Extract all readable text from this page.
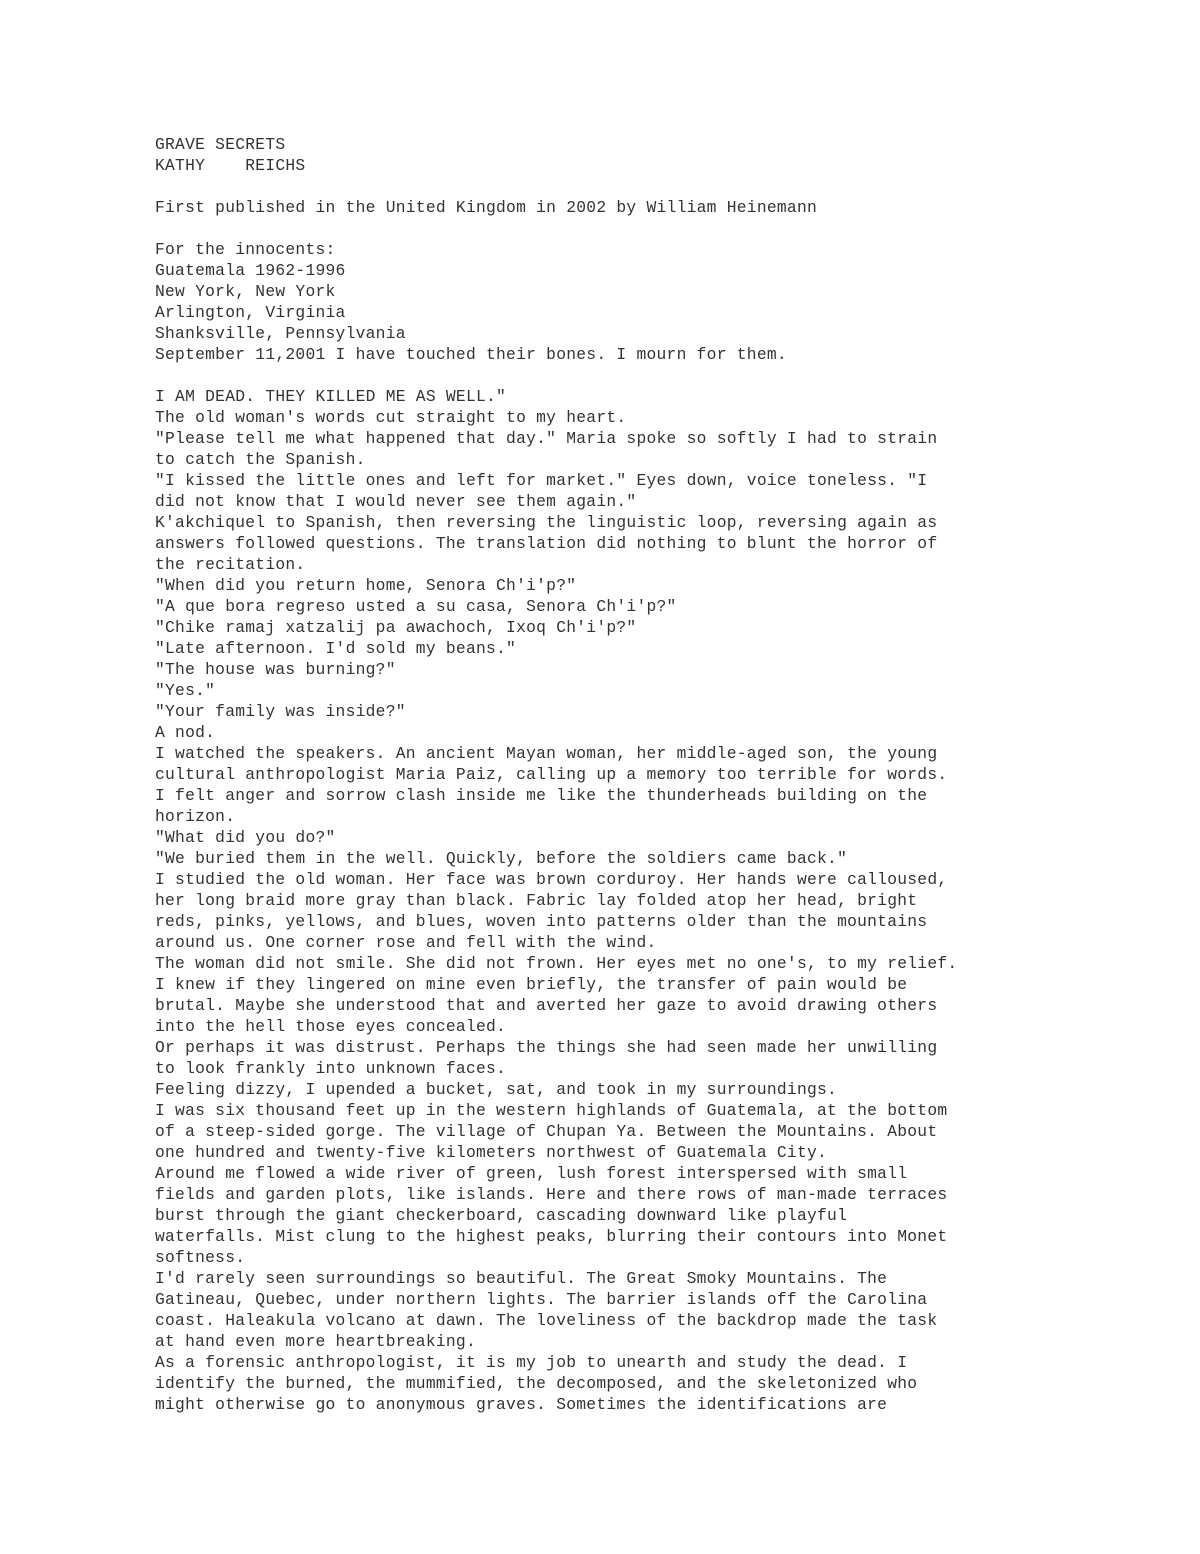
GRAVE SECRETS
KATHY    REICHS
First published in the United Kingdom in 2002 by William Heinemann
For the innocents:
Guatemala 1962-1996
New York, New York
Arlington, Virginia
Shanksville, Pennsylvania
September 11,2001 I have touched their bones. I mourn for them.
I AM DEAD. THEY KILLED ME AS WELL."
The old woman's words cut straight to my heart.
"Please tell me what happened that day." Maria spoke so softly I had to strain
to catch the Spanish.
"I kissed the little ones and left for market." Eyes down, voice toneless. "I
did not know that I would never see them again."
K'akchiquel to Spanish, then reversing the linguistic loop, reversing again as
answers followed questions. The translation did nothing to blunt the horror of
the recitation.
"When did you return home, Senora Ch'i'p?"
"A que bora regreso usted a su casa, Senora Ch'i'p?"
"Chike ramaj xatzalij pa awachoch, Ixoq Ch'i'p?"
"Late afternoon. I'd sold my beans."
"The house was burning?"
"Yes."
"Your family was inside?"
A nod.
I watched the speakers. An ancient Mayan woman, her middle-aged son, the young
cultural anthropologist Maria Paiz, calling up a memory too terrible for words.
I felt anger and sorrow clash inside me like the thunderheads building on the
horizon.
"What did you do?"
"We buried them in the well. Quickly, before the soldiers came back."
I studied the old woman. Her face was brown corduroy. Her hands were calloused,
her long braid more gray than black. Fabric lay folded atop her head, bright
reds, pinks, yellows, and blues, woven into patterns older than the mountains
around us. One corner rose and fell with the wind.
The woman did not smile. She did not frown. Her eyes met no one's, to my relief.
I knew if they lingered on mine even briefly, the transfer of pain would be
brutal. Maybe she understood that and averted her gaze to avoid drawing others
into the hell those eyes concealed.
Or perhaps it was distrust. Perhaps the things she had seen made her unwilling
to look frankly into unknown faces.
Feeling dizzy, I upended a bucket, sat, and took in my surroundings.
I was six thousand feet up in the western highlands of Guatemala, at the bottom
of a steep-sided gorge. The village of Chupan Ya. Between the Mountains. About
one hundred and twenty-five kilometers northwest of Guatemala City.
Around me flowed a wide river of green, lush forest interspersed with small
fields and garden plots, like islands. Here and there rows of man-made terraces
burst through the giant checkerboard, cascading downward like playful
waterfalls. Mist clung to the highest peaks, blurring their contours into Monet
softness.
I'd rarely seen surroundings so beautiful. The Great Smoky Mountains. The
Gatineau, Quebec, under northern lights. The barrier islands off the Carolina
coast. Haleakula volcano at dawn. The loveliness of the backdrop made the task
at hand even more heartbreaking.
As a forensic anthropologist, it is my job to unearth and study the dead. I
identify the burned, the mummified, the decomposed, and the skeletonized who
might otherwise go to anonymous graves. Sometimes the identifications are
